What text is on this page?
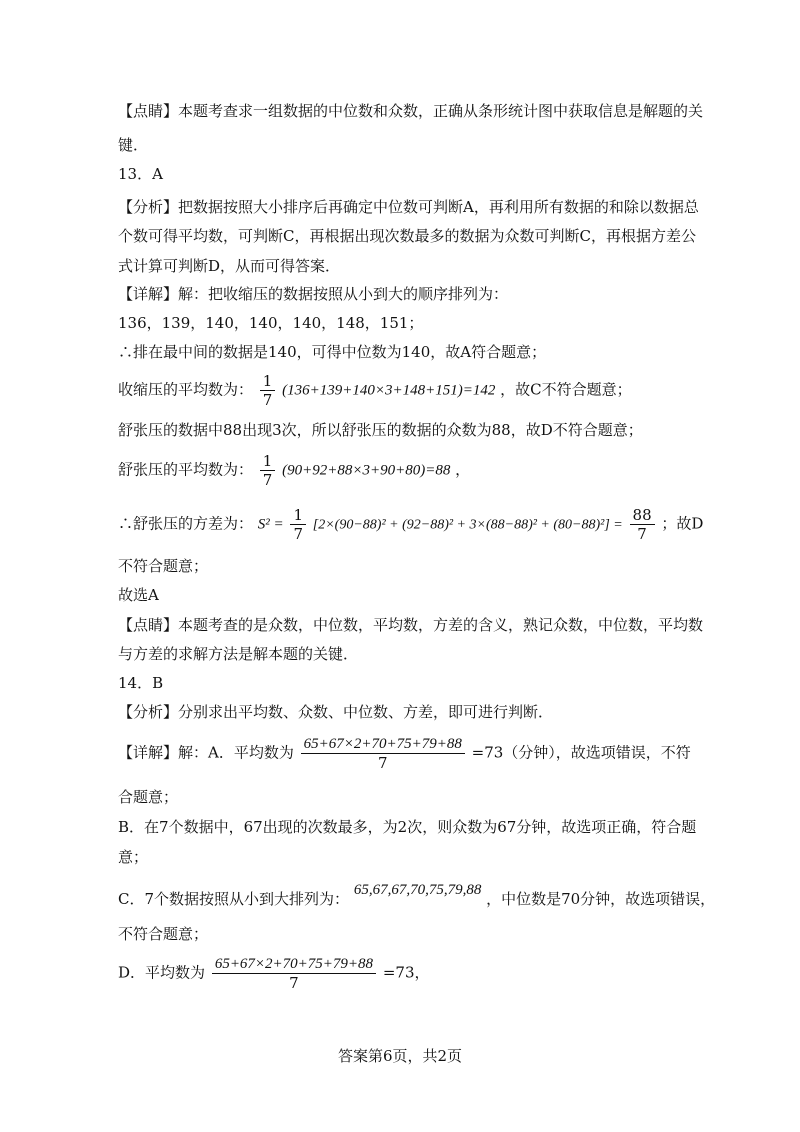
【点睛】本题考查求一组数据的中位数和众数，正确从条形统计图中获取信息是解题的关
键．
13．A
【分析】把数据按照大小排序后再确定中位数可判断A，再利用所有数据的和除以数据总
个数可得平均数，可判断C，再根据出现次数最多的数据为众数可判断C，再根据方差公
式计算可判断D，从而可得答案．
【详解】解：把收缩压的数据按照从小到大的顺序排列为：
136，139，140，140，140，148，151；
∴排在最中间的数据是140，可得中位数为140，故A符合题意；
收缩压的平均数为： $\frac{1}{7} (136+139+140\times 3+148+151)=142$ ，故C不符合题意；
舒张压的数据中88出现3次，所以舒张压的数据的众数为88，故D不符合题意；
舒张压的平均数为： $\frac{1}{7} (90+92+88\times 3+90+80)=88$ ，
∴舒张压的方差为： $S^2 = \frac{1}{7} [2\times(90-88)^2 + (92-88)^2 + 3\times(88-88)^2 + (80-88)^2] = \frac{88}{7}$ ；故D
不符合题意；
故选A
【点睛】本题考查的是众数，中位数，平均数，方差的含义，熟记众数，中位数，平均数
与方差的求解方法是解本题的关键．
14．B
【分析】分别求出平均数、众数、中位数、方差，即可进行判断．
【详解】解：A．平均数为 $\frac{65+67\times 2+70+75+79+88}{7} =73$（分钟），故选项错误，不符
合题意；
B．在7个数据中，67出现的次数最多，为2次，则众数为67分钟，故选项正确，符合题
意；
C．7个数据按照从小到大排列为： 65,67,67,70,75,79,88 ，中位数是70分钟，故选项错误，
不符合题意；
D．平均数为 $\frac{65+67\times 2+70+75+79+88}{7} =73$，
答案第6页，共2页
